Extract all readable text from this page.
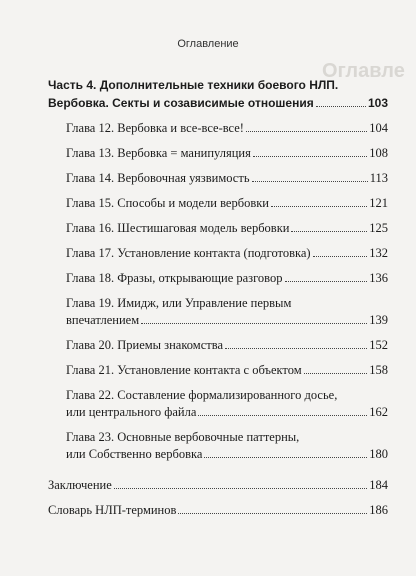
Оглавле
Оглавление
Часть 4. Дополнительные техники боевого НЛП.
Вербовка. Секты и созависимые отношения	103
Глава 12. Вербовка и все-все-все!	104
Глава 13. Вербовка = манипуляция	108
Глава 14. Вербовочная уязвимость	113
Глава 15. Способы и модели вербовки	121
Глава 16. Шестишаговая модель вербовки	125
Глава 17. Установление контакта (подготовка)	132
Глава 18. Фразы, открывающие разговор	136
Глава 19. Имидж, или Управление первым
впечатлением	139
Глава 20. Приемы знакомства	152
Глава 21. Установление контакта с объектом	158
Глава 22. Составление формализированного досье,
или центрального файла	162
Глава 23. Основные вербовочные паттерны,
или Собственно вербовка	180
Заключение	184
Словарь НЛП-терминов	186
